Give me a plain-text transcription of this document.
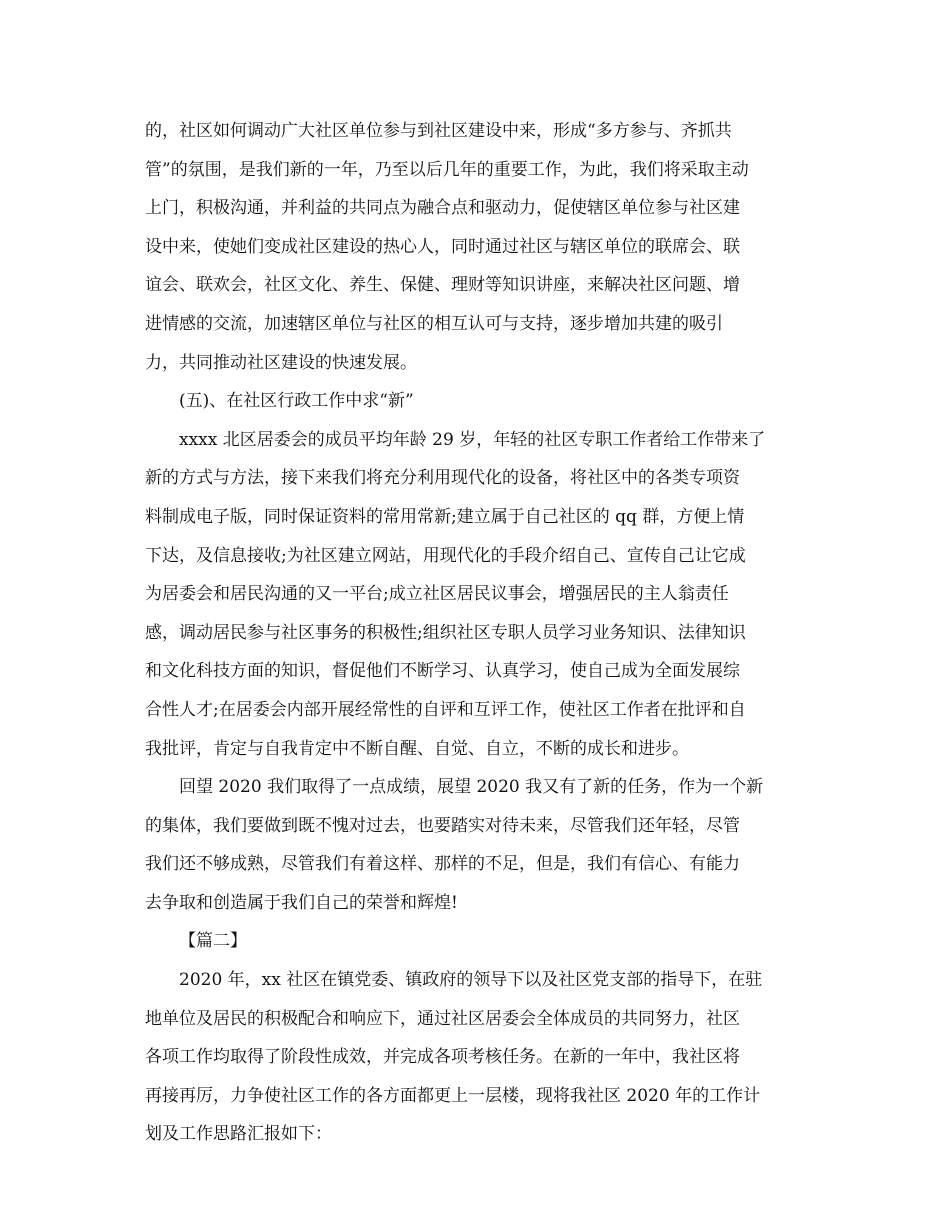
的，社区如何调动广大社区单位参与到社区建设中来，形成“多方参与、齐抓共
管”的氛围，是我们新的一年，乃至以后几年的重要工作，为此，我们将采取主动
上门，积极沟通，并利益的共同点为融合点和驱动力，促使辖区单位参与社区建
设中来，使她们变成社区建设的热心人，同时通过社区与辖区单位的联席会、联
谊会、联欢会，社区文化、养生、保健、理财等知识讲座，来解决社区问题、增
进情感的交流，加速辖区单位与社区的相互认可与支持，逐步增加共建的吸引
力，共同推动社区建设的快速发展。
(五)、在社区行政工作中求“新”
xxxx 北区居委会的成员平均年龄 29 岁，年轻的社区专职工作者给工作带来了
新的方式与方法，接下来我们将充分利用现代化的设备，将社区中的各类专项资
料制成电子版，同时保证资料的常用常新;建立属于自己社区的 qq 群，方便上情
下达，及信息接收;为社区建立网站，用现代化的手段介绍自己、宣传自己让它成
为居委会和居民沟通的又一平台;成立社区居民议事会，增强居民的主人翁责任
感，调动居民参与社区事务的积极性;组织社区专职人员学习业务知识、法律知识
和文化科技方面的知识，督促他们不断学习、认真学习，使自己成为全面发展综
合性人才;在居委会内部开展经常性的自评和互评工作，使社区工作者在批评和自
我批评，肯定与自我肯定中不断自醒、自觉、自立，不断的成长和进步。
回望 2020 我们取得了一点成绩，展望 2020 我又有了新的任务，作为一个新
的集体，我们要做到既不愧对过去，也要踏实对待未来，尽管我们还年轻，尽管
我们还不够成熟，尽管我们有着这样、那样的不足，但是，我们有信心、有能力
去争取和创造属于我们自己的荣誉和辉煌!
【篇二】
2020 年，xx 社区在镇党委、镇政府的领导下以及社区党支部的指导下，在驻
地单位及居民的积极配合和响应下，通过社区居委会全体成员的共同努力，社区
各项工作均取得了阶段性成效，并完成各项考核任务。在新的一年中，我社区将
再接再厉，力争使社区工作的各方面都更上一层楼，现将我社区 2020 年的工作计
划及工作思路汇报如下：
